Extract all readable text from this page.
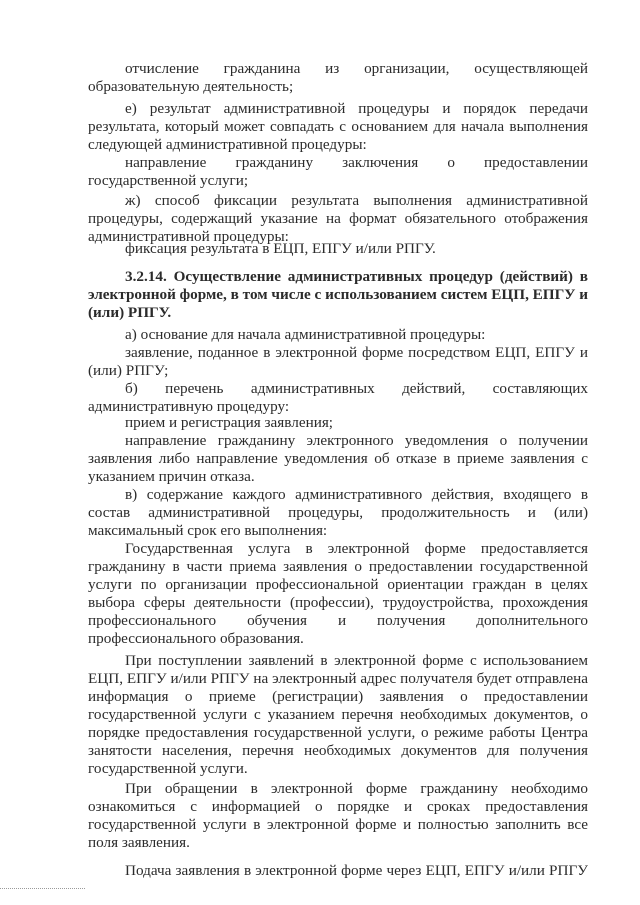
отчисление гражданина из организации, осуществляющей
образовательную деятельность;
е) результат административной процедуры и порядок передачи
результата, который может совпадать с основанием для начала выполнения
следующей административной процедуры:
направление гражданину заключения о предоставлении
государственной услуги;
ж) способ фиксации результата выполнения административной
процедуры, содержащий указание на формат обязательного отображения
административной процедуры:
фиксация результата в ЕЦП, ЕПГУ и/или РПГУ.
3.2.14. Осуществление административных процедур (действий) в
электронной форме, в том числе с использованием систем ЕЦП, ЕПГУ и
(или) РПГУ.
а) основание для начала административной процедуры:
заявление, поданное в электронной форме посредством ЕЦП, ЕПГУ и
(или) РПГУ;
б) перечень административных действий, составляющих
административную процедуру:
прием и регистрация заявления;
направление гражданину электронного уведомления о получении
заявления либо направление уведомления об отказе в приеме заявления с
указанием причин отказа.
в) содержание каждого административного действия, входящего в
состав административной процедуры, продолжительность и (или)
максимальный срок его выполнения:
Государственная услуга в электронной форме предоставляется
гражданину в части приема заявления о предоставлении государственной
услуги по организации профессиональной ориентации граждан в целях
выбора сферы деятельности (профессии), трудоустройства, прохождения
профессионального обучения и получения дополнительного
профессионального образования.
При поступлении заявлений в электронной форме с использованием
ЕЦП, ЕПГУ и/или РПГУ на электронный адрес получателя будет отправлена
информация о приеме (регистрации) заявления о предоставлении
государственной услуги с указанием перечня необходимых документов, о
порядке предоставления государственной услуги, о режиме работы Центра
занятости населения, перечня необходимых документов для получения
государственной услуги.
При обращении в электронной форме гражданину необходимо
ознакомиться с информацией о порядке и сроках предоставления
государственной услуги в электронной форме и полностью заполнить все
поля заявления.
Подача заявления в электронной форме через ЕЦП, ЕПГУ и/или РПГУ
